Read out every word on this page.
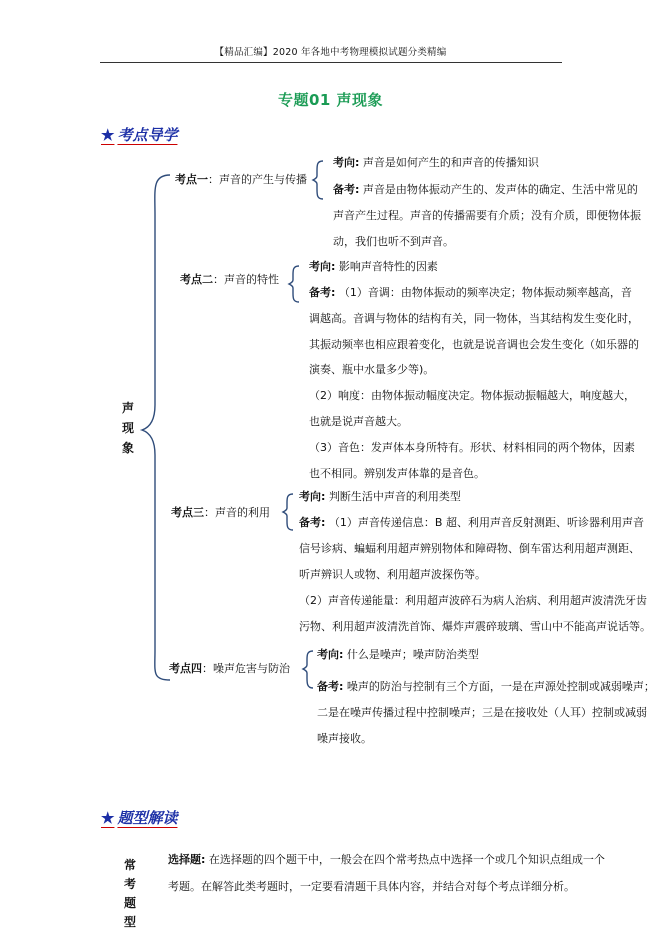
【精品汇编】2020 年各地中考物理模拟试题分类精编
专题01 声现象
★ 考点导学
声
现
象
考点一：声音的产生与传播
考向: 声音是如何产生的和声音的传播知识
备考: 声音是由物体振动产生的、发声体的确定、生活中常见的
声音产生过程。声音的传播需要有介质；没有介质，即便物体振
动，我们也听不到声音。
考点二：声音的特性
考向: 影响声音特性的因素
备考: （1）音调：由物体振动的频率决定；物体振动频率越高，音
调越高。音调与物体的结构有关，同一物体，当其结构发生变化时，
其振动频率也相应跟着变化，也就是说音调也会发生变化（如乐器的
演奏、瓶中水量多少等)。
（2）响度：由物体振动幅度决定。物体振动振幅越大，响度越大，
也就是说声音越大。
（3）音色：发声体本身所特有。形状、材料相同的两个物体，因素
也不相同。辨别发声体靠的是音色。
考点三：声音的利用
考向: 判断生活中声音的利用类型
备考: （1）声音传递信息：B 超、利用声音反射测距、听诊器利用声音
信号诊病、蝙蝠利用超声辨别物体和障碍物、倒车雷达利用超声测距、
听声辨识人或物、利用超声波探伤等。
（2）声音传递能量：利用超声波碎石为病人治病、利用超声波清洗牙齿
污物、利用超声波清洗首饰、爆炸声震碎玻璃、雪山中不能高声说话等。
考点四：噪声危害与防治
考向: 什么是噪声；噪声防治类型
备考: 噪声的防治与控制有三个方面，一是在声源处控制或减弱噪声；
二是在噪声传播过程中控制噪声；三是在接收处（人耳）控制或减弱
噪声接收。
★ 题型解读
常
考
题
型
选择题: 在选择题的四个题干中，一般会在四个常考热点中选择一个或几个知识点组成一个
考题。在解答此类考题时，一定要看清题干具体内容，并结合对每个考点详细分析。
